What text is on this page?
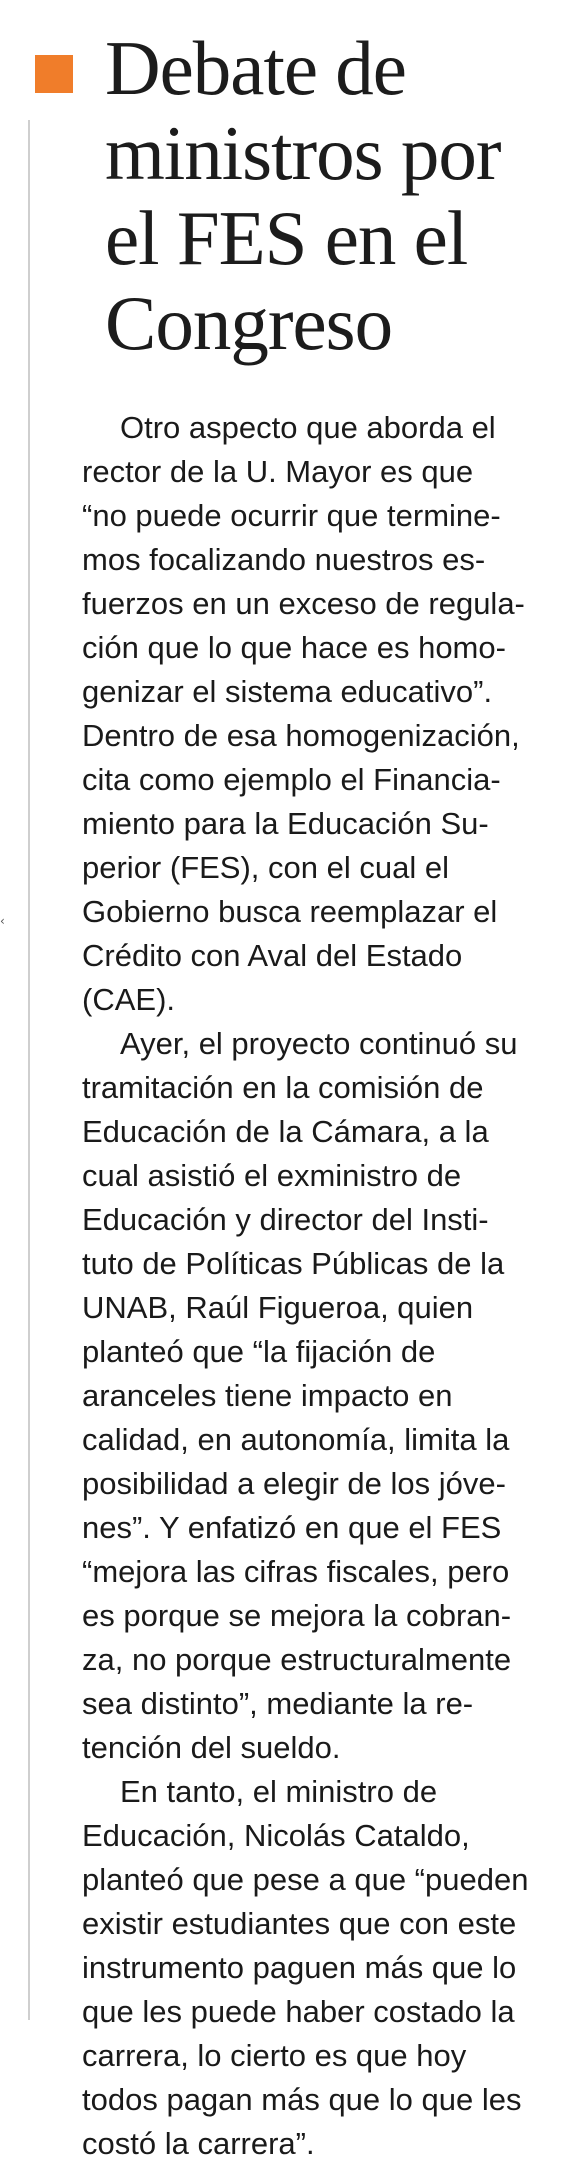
‹
Debate de
ministros por
el FES en el
Congreso

Otro aspecto que aborda el
rector de la U. Mayor es que
“no puede ocurrir que termine-
mos focalizando nuestros es-
fuerzos en un exceso de regula-
ción que lo que hace es homo-
genizar el sistema educativo”.
Dentro de esa homogenización,
cita como ejemplo el Financia-
miento para la Educación Su-
perior (FES), con el cual el
Gobierno busca reemplazar el
Crédito con Aval del Estado
(CAE).

Ayer, el proyecto continuó su
tramitación en la comisión de
Educación de la Cámara, a la
cual asistió el exministro de
Educación y director del Insti-
tuto de Políticas Públicas de la
UNAB, Raúl Figueroa, quien
planteó que “la fijación de
aranceles tiene impacto en
calidad, en autonomía, limita la
posibilidad a elegir de los jóve-
nes”. Y enfatizó en que el FES
“mejora las cifras fiscales, pero
es porque se mejora la cobran-
za, no porque estructuralmente
sea distinto”, mediante la re-
tención del sueldo.

En tanto, el ministro de
Educación, Nicolás Cataldo,
planteó que pese a que “pueden
existir estudiantes que con este
instrumento paguen más que lo
que les puede haber costado la
carrera, lo cierto es que hoy
todos pagan más que lo que les
costó la carrera”.
